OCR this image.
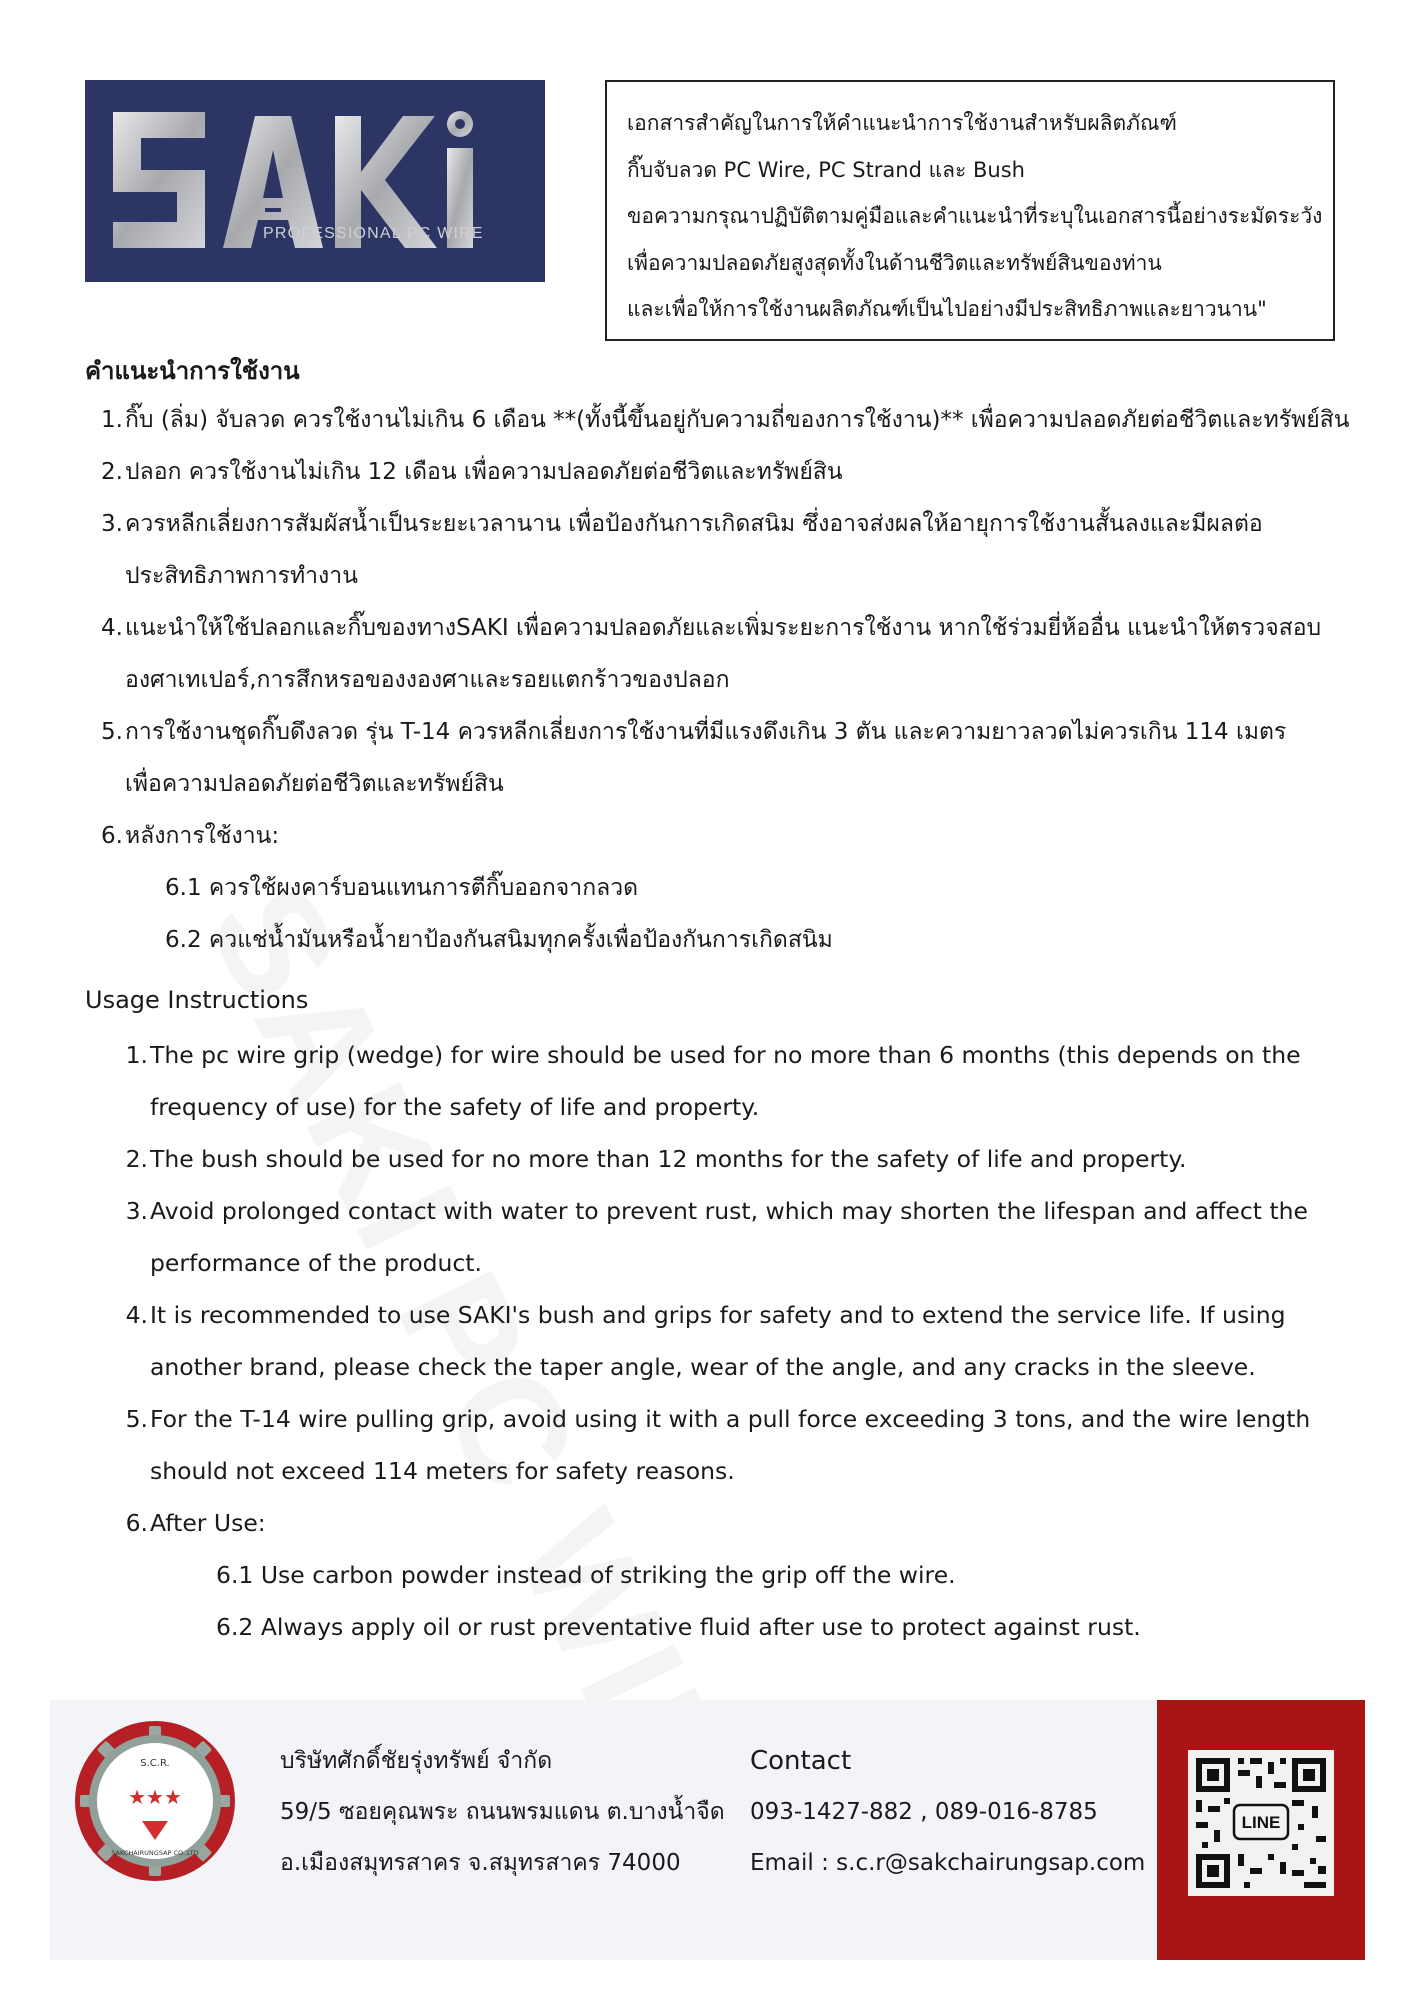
PROFESSIONAL PC WIRE

เอกสารสำคัญในการให้คำแนะนำการใช้งานสำหรับผลิตภัณฑ์

กิ๊บจับลวด PC Wire, PC Strand และ Bush

ขอความกรุณาปฏิบัติตามคู่มือและคำแนะนำที่ระบุในเอกสารนี้อย่างระมัดระวัง

เพื่อความปลอดภัยสูงสุดทั้งในด้านชีวิตและทรัพย์สินของท่าน

และเพื่อให้การใช้งานผลิตภัณฑ์เป็นไปอย่างมีประสิทธิภาพและยาวนาน"

คำแนะนำการใช้งาน
1. กิ๊บ (ลิ่ม) จับลวด ควรใช้งานไม่เกิน 6 เดือน **(ทั้งนี้ขึ้นอยู่กับความถี่ของการใช้งาน)** เพื่อความปลอดภัยต่อชีวิตและทรัพย์สิน
2. ปลอก ควรใช้งานไม่เกิน 12 เดือน เพื่อความปลอดภัยต่อชีวิตและทรัพย์สิน
3. ควรหลีกเลี่ยงการสัมผัสน้ำเป็นระยะเวลานาน เพื่อป้องกันการเกิดสนิม ซึ่งอาจส่งผลให้อายุการใช้งานสั้นลงและมีผลต่อ
ประสิทธิภาพการทำงาน
4. แนะนำให้ใช้ปลอกและกิ๊บของทางSAKI เพื่อความปลอดภัยและเพิ่มระยะการใช้งาน หากใช้ร่วมยี่ห้ออื่น แนะนำให้ตรวจสอบ
องศาเทเปอร์,การสึกหรอของงองศาและรอยแตกร้าวของปลอก
5. การใช้งานชุดกิ๊บดึงลวด รุ่น T-14 ควรหลีกเลี่ยงการใช้งานที่มีแรงดึงเกิน 3 ตัน และความยาวลวดไม่ควรเกิน 114 เมตร
เพื่อความปลอดภัยต่อชีวิตและทรัพย์สิน
6. หลังการใช้งาน:
6.1 ควรใช้ผงคาร์บอนแทนการตีกิ๊บออกจากลวด
6.2 ควแช่น้ำมันหรือน้ำยาป้องกันสนิมทุกครั้งเพื่อป้องกันการเกิดสนิม
Usage Instructions
1. The pc wire grip (wedge) for wire should be used for no more than 6 months (this depends on the
frequency of use) for the safety of life and property.
2. The bush should be used for no more than 12 months for the safety of life and property.
3. Avoid prolonged contact with water to prevent rust, which may shorten the lifespan and affect the
performance of the product.
4. It is recommended to use SAKI's bush and grips for safety and to extend the service life. If using
another brand, please check the taper angle, wear of the angle, and any cracks in the sleeve.
5. For the T-14 wire pulling grip, avoid using it with a pull force exceeding 3 tons, and the wire length
should not exceed 114 meters for safety reasons.
6. After Use:
6.1 Use carbon powder instead of striking the grip off the wire.
6.2 Always apply oil or rust preventative fluid after use to protect against rust.
S.C.R.
★★★
SAKCHAIRUNGSAP CO.,LTD

บริษัทศักดิ์ชัยรุ่งทรัพย์ จำกัด

59/5 ซอยคุณพระ ถนนพรมแดน ต.บางน้ำจืด

อ.เมืองสมุทรสาคร จ.สมุทรสาคร 74000

Contact

093-1427-882 , 089-016-8785

Email : s.c.r@sakchairungsap.com

LINE
